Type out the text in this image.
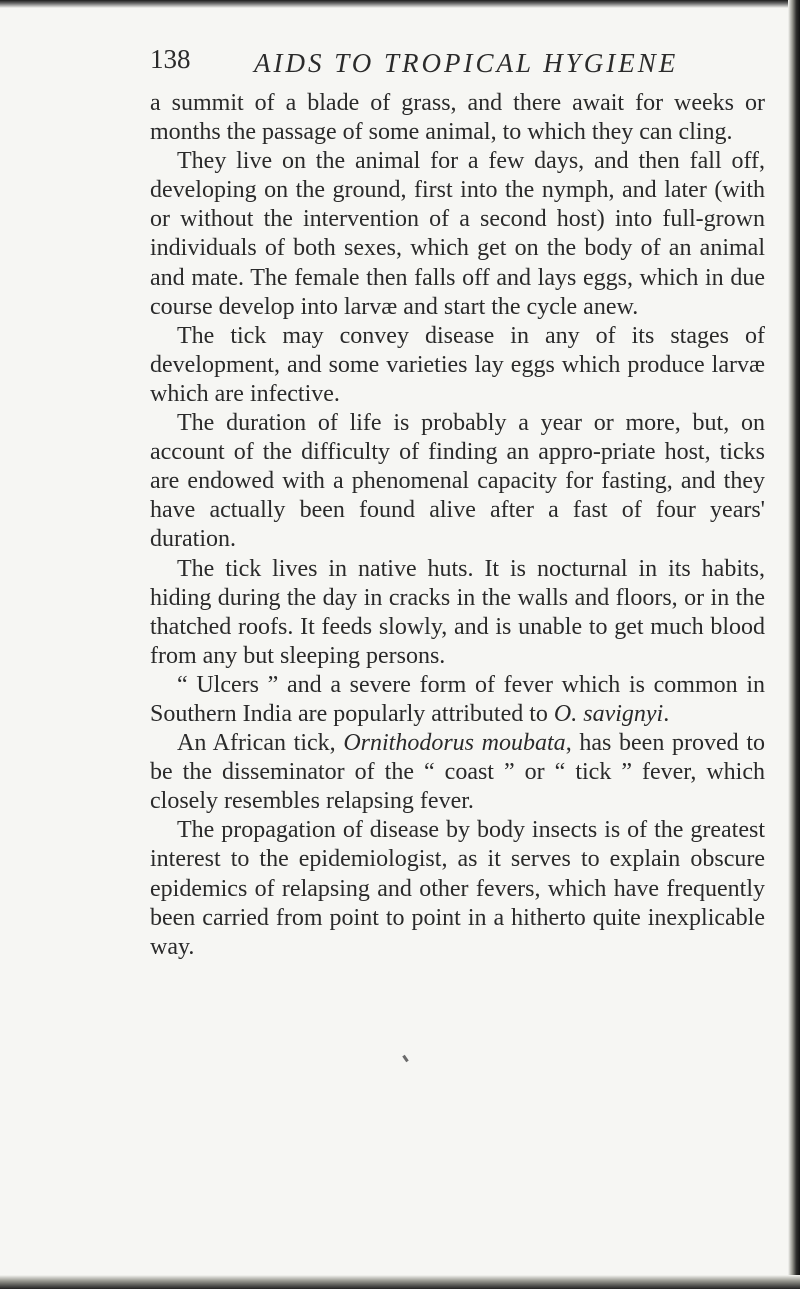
138 AIDS TO TROPICAL HYGIENE

a summit of a blade of grass, and there await for weeks or months the passage of some animal, to which they can cling.

They live on the animal for a few days, and then fall off, developing on the ground, first into the nymph, and later (with or without the intervention of a second host) into full-grown individuals of both sexes, which get on the body of an animal and mate. The female then falls off and lays eggs, which in due course develop into larvæ and start the cycle anew.

The tick may convey disease in any of its stages of development, and some varieties lay eggs which produce larvæ which are infective.

The duration of life is probably a year or more, but, on account of the difficulty of finding an appro-priate host, ticks are endowed with a phenomenal capacity for fasting, and they have actually been found alive after a fast of four years' duration.

The tick lives in native huts. It is nocturnal in its habits, hiding during the day in cracks in the walls and floors, or in the thatched roofs. It feeds slowly, and is unable to get much blood from any but sleeping persons.

“ Ulcers ” and a severe form of fever which is common in Southern India are popularly attributed to O. savignyi.

An African tick, Ornithodorus moubata, has been proved to be the disseminator of the “ coast ” or “ tick ” fever, which closely resembles relapsing fever.

The propagation of disease by body insects is of the greatest interest to the epidemiologist, as it serves to explain obscure epidemics of relapsing and other fevers, which have frequently been carried from point to point in a hitherto quite inexplicable way.
